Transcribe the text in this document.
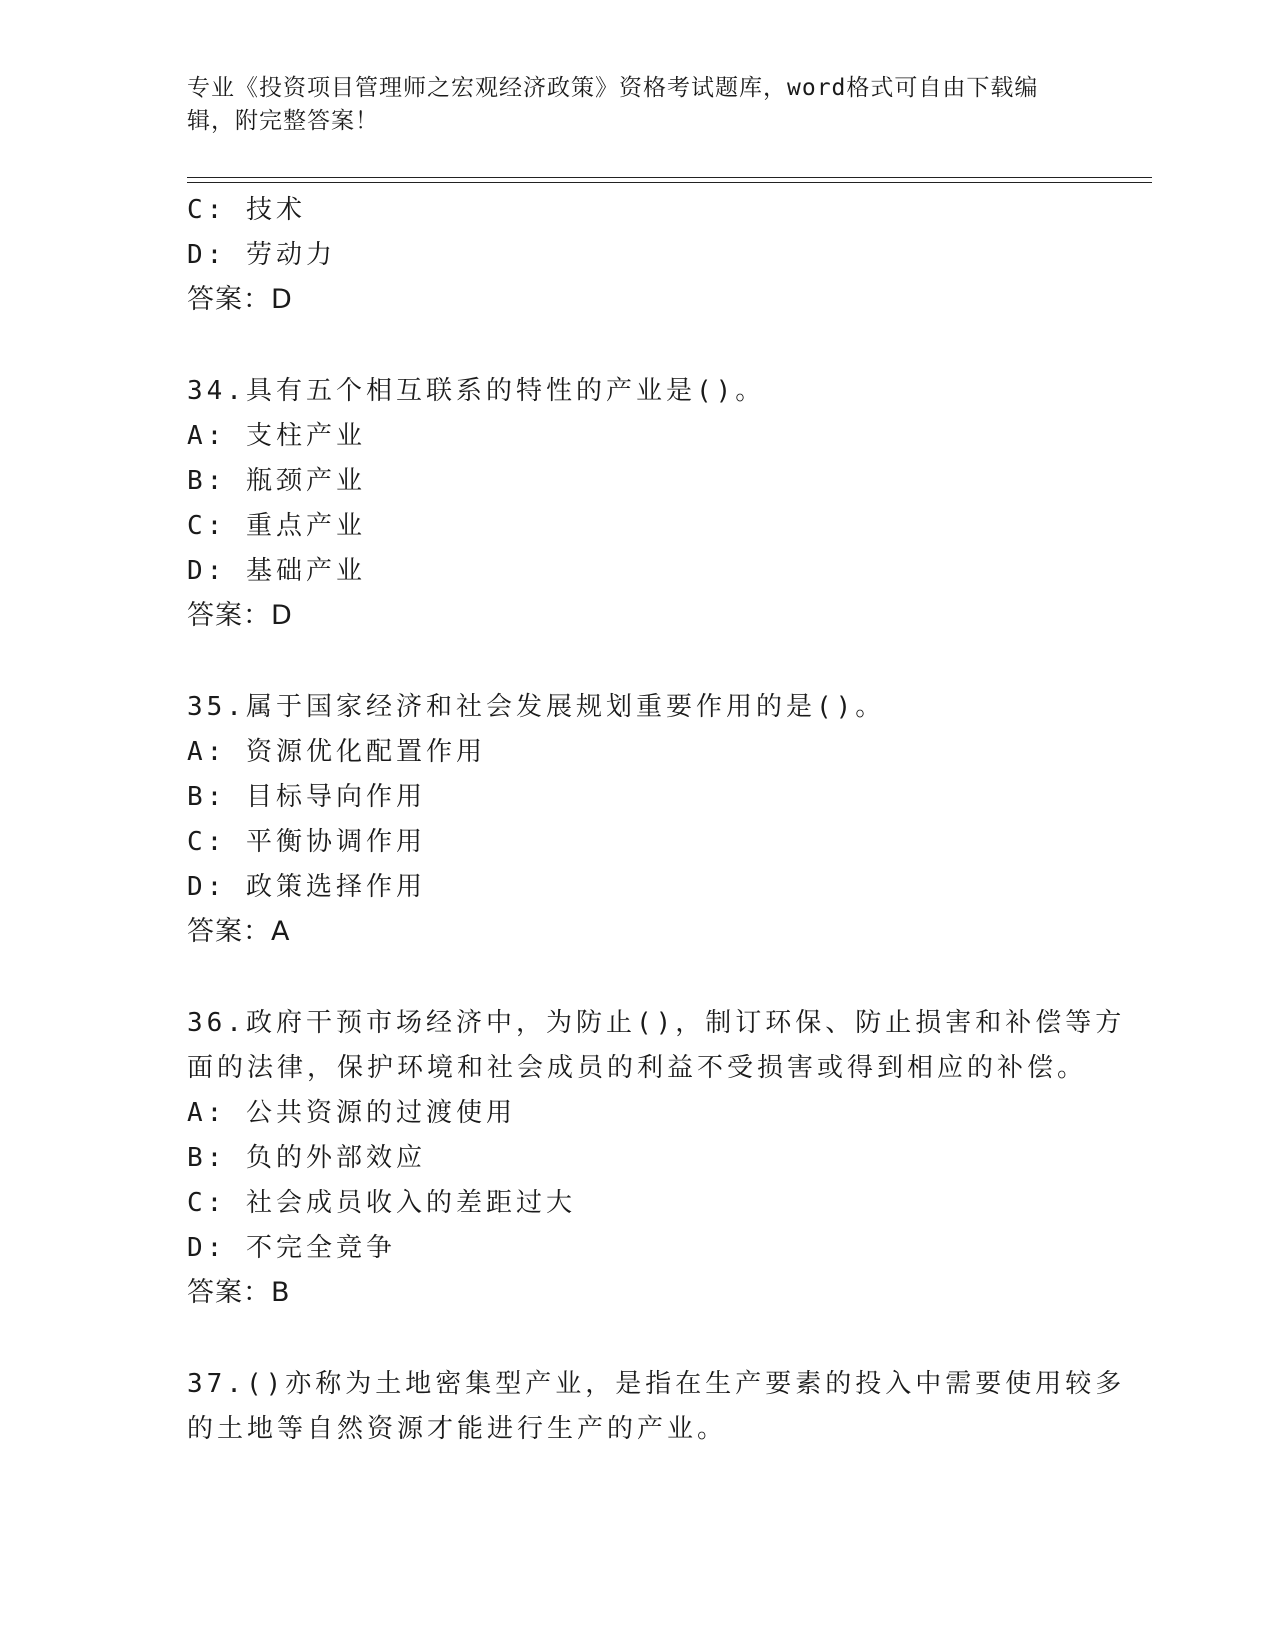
专业《投资项目管理师之宏观经济政策》资格考试题库，word格式可自由下载编
辑，附完整答案！
C: 技术
D: 劳动力
答案：D
34.具有五个相互联系的特性的产业是()。
A: 支柱产业
B: 瓶颈产业
C: 重点产业
D: 基础产业
答案：D
35.属于国家经济和社会发展规划重要作用的是()。
A: 资源优化配置作用
B: 目标导向作用
C: 平衡协调作用
D: 政策选择作用
答案：A
36.政府干预市场经济中，为防止()，制订环保、防止损害和补偿等方
面的法律，保护环境和社会成员的利益不受损害或得到相应的补偿。
A: 公共资源的过渡使用
B: 负的外部效应
C: 社会成员收入的差距过大
D: 不完全竞争
答案：B
37.()亦称为土地密集型产业，是指在生产要素的投入中需要使用较多
的土地等自然资源才能进行生产的产业。
